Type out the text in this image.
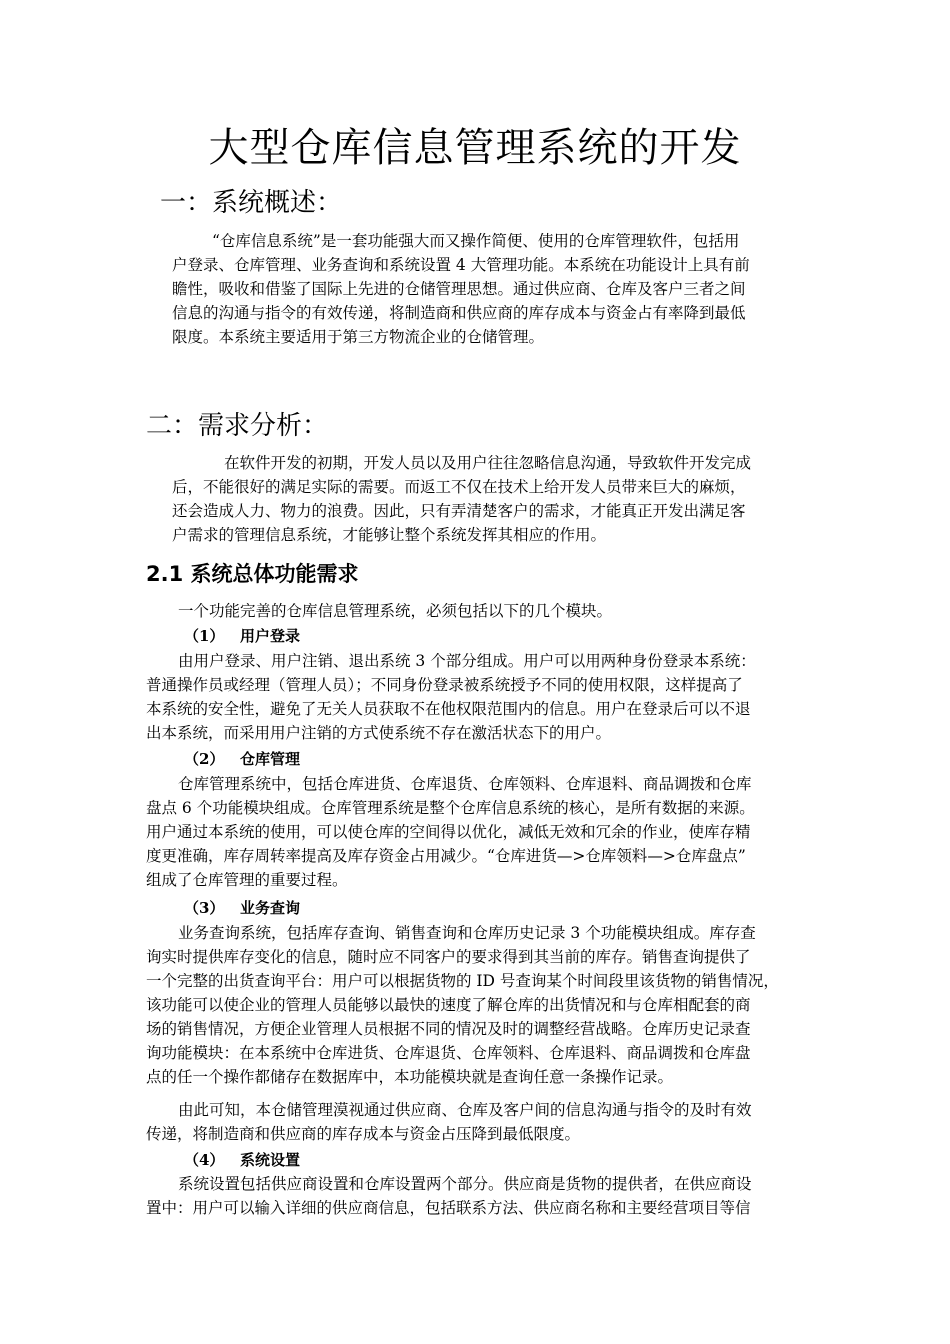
大型仓库信息管理系统的开发
一：系统概述：
“仓库信息系统”是一套功能强大而又操作简便、使用的仓库管理软件，包括用
户登录、仓库管理、业务查询和系统设置 4 大管理功能。本系统在功能设计上具有前
瞻性，吸收和借鉴了国际上先进的仓储管理思想。通过供应商、仓库及客户三者之间
信息的沟通与指令的有效传递，将制造商和供应商的库存成本与资金占有率降到最低
限度。本系统主要适用于第三方物流企业的仓储管理。
二：需求分析：
在软件开发的初期，开发人员以及用户往往忽略信息沟通，导致软件开发完成
后，不能很好的满足实际的需要。而返工不仅在技术上给开发人员带来巨大的麻烦，
还会造成人力、物力的浪费。因此，只有弄清楚客户的需求，才能真正开发出满足客
户需求的管理信息系统，才能够让整个系统发挥其相应的作用。
2.1 系统总体功能需求
一个功能完善的仓库信息管理系统，必须包括以下的几个模块。
（1） 用户登录
由用户登录、用户注销、退出系统 3 个部分组成。用户可以用两种身份登录本系统：
普通操作员或经理（管理人员）；不同身份登录被系统授予不同的使用权限，这样提高了
本系统的安全性，避免了无关人员获取不在他权限范围内的信息。用户在登录后可以不退
出本系统，而采用用户注销的方式使系统不存在激活状态下的用户。
（2） 仓库管理
仓库管理系统中，包括仓库进货、仓库退货、仓库领料、仓库退料、商品调拨和仓库
盘点 6 个功能模块组成。仓库管理系统是整个仓库信息系统的核心，是所有数据的来源。
用户通过本系统的使用，可以使仓库的空间得以优化，减低无效和冗余的作业，使库存精
度更准确，库存周转率提高及库存资金占用减少。“仓库进货—>仓库领料—>仓库盘点”
组成了仓库管理的重要过程。
（3） 业务查询
业务查询系统，包括库存查询、销售查询和仓库历史记录 3 个功能模块组成。库存查
询实时提供库存变化的信息，随时应不同客户的要求得到其当前的库存。销售查询提供了
一个完整的出货查询平台：用户可以根据货物的 ID 号查询某个时间段里该货物的销售情况，
该功能可以使企业的管理人员能够以最快的速度了解仓库的出货情况和与仓库相配套的商
场的销售情况，方便企业管理人员根据不同的情况及时的调整经营战略。仓库历史记录查
询功能模块：在本系统中仓库进货、仓库退货、仓库领料、仓库退料、商品调拨和仓库盘
点的任一个操作都储存在数据库中，本功能模块就是查询任意一条操作记录。
由此可知，本仓储管理漠视通过供应商、仓库及客户间的信息沟通与指令的及时有效
传递，将制造商和供应商的库存成本与资金占压降到最低限度。
（4） 系统设置
系统设置包括供应商设置和仓库设置两个部分。供应商是货物的提供者，在供应商设
置中：用户可以输入详细的供应商信息，包括联系方法、供应商名称和主要经营项目等信
